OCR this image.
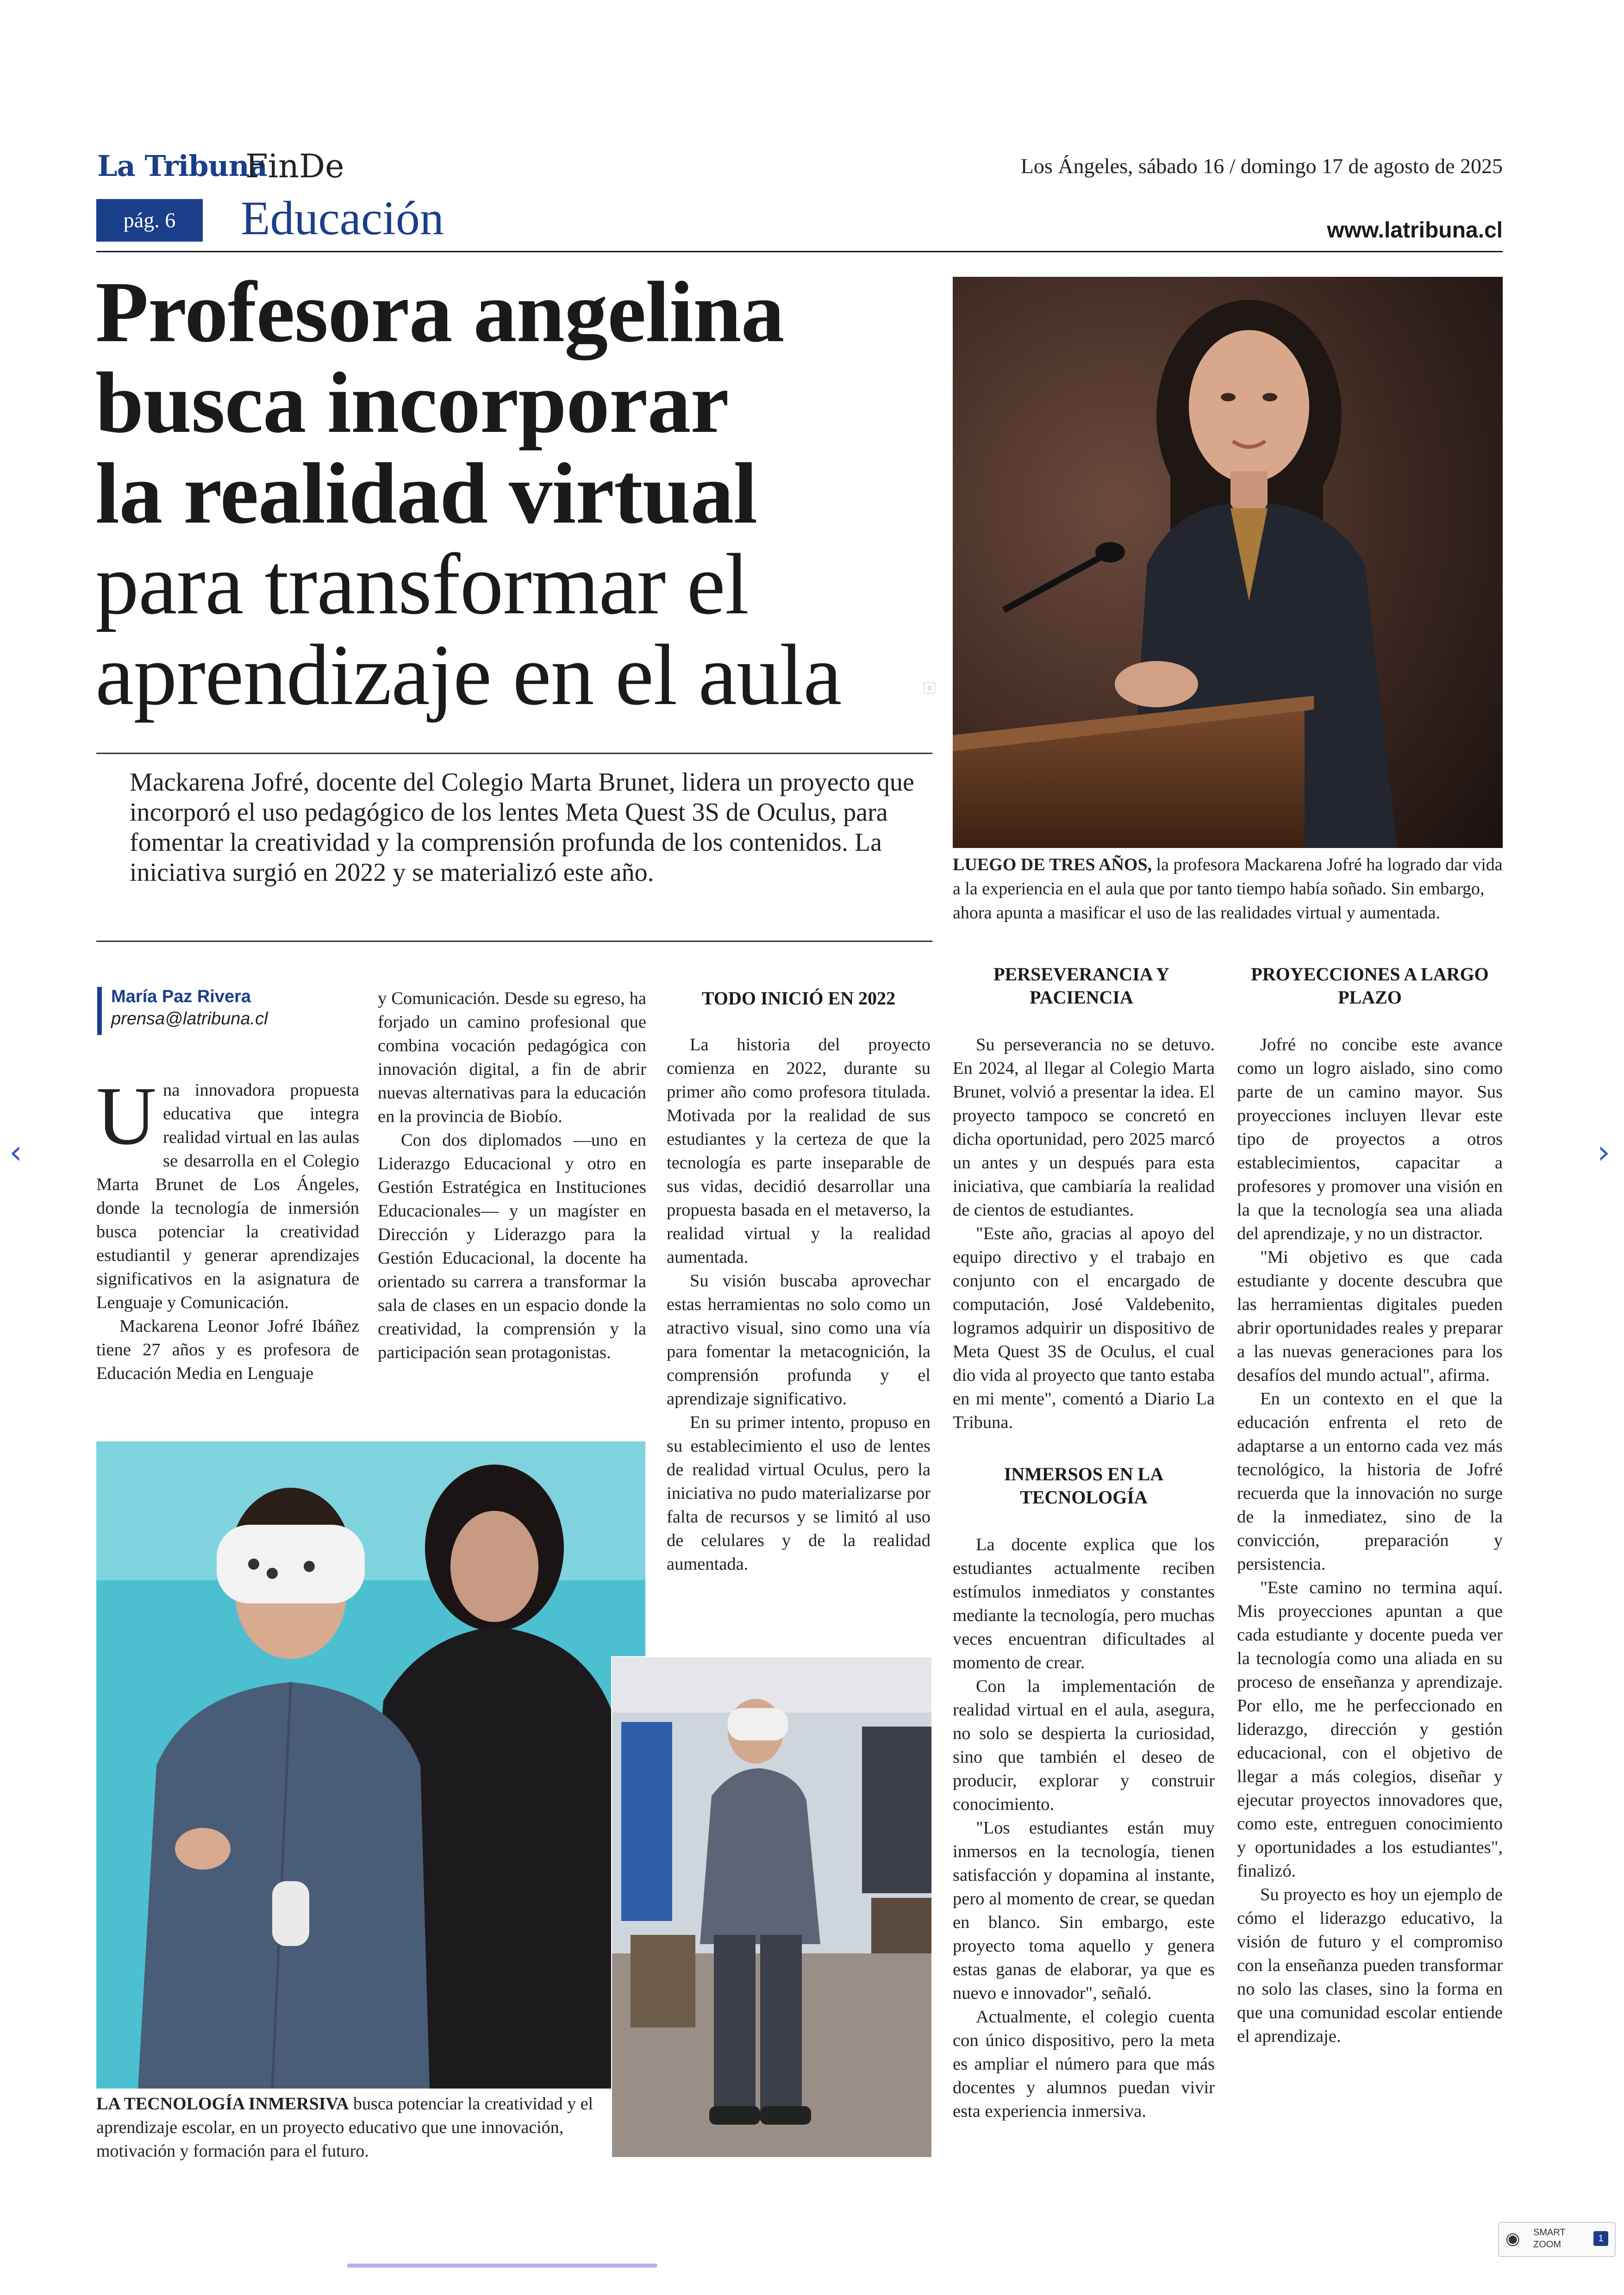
La Tribuna
FinDe	Los Ángeles, sábado 16 / domingo 17 de agosto de 2025
pág. 6	Educación	www.latribuna.cl
Profesora angelina
busca incorporar
la realidad virtual
para transformar el
aprendizaje en el aula	▫
Mackarena Jofré, docente del Colegio Marta Brunet, lidera un proyecto que incorporó el uso pedagógico de los lentes Meta Quest 3S de Oculus, para fomentar la creatividad y la comprensión profunda de los contenidos. La iniciativa surgió en 2022 y se materializó este año.	LUEGO DE TRES AÑOS, la profesora Mackarena Jofré ha logrado dar vida a la experiencia en el aula que por tanto tiempo había soñado. Sin embargo, ahora apunta a masificar el uso de las realidades virtual y aumentada.
María Paz Rivera
prensa@latribuna.cl

Una innovadora propuesta educativa que integra realidad virtual en las aulas se desarrolla en el Colegio Marta Brunet de Los Ángeles, donde la tecnología de inmersión busca potenciar la creatividad estudiantil y generar aprendizajes significativos en la asignatura de Lenguaje y Comunicación.

Mackarena Leonor Jofré Ibáñez tiene 27 años y es profesora de Educación Media en Lenguaje

y Comunicación. Desde su egreso, ha forjado un camino profesional que combina vocación pedagógica con innovación digital, a fin de abrir nuevas alternativas para la educación en la provincia de Biobío.

Con dos diplomados —uno en Liderazgo Educacional y otro en Gestión Estratégica en Instituciones Educacionales— y un magíster en Dirección y Liderazgo para la Gestión Educacional, la docente ha orientado su carrera a transformar la sala de clases en un espacio donde la creatividad, la comprensión y la participación sean protagonistas.

TODO INICIÓ EN 2022

La historia del proyecto comienza en 2022, durante su primer año como profesora titulada. Motivada por la realidad de sus estudiantes y la certeza de que la tecnología es parte inseparable de sus vidas, decidió desarrollar una propuesta basada en el metaverso, la realidad virtual y la realidad aumentada.

Su visión buscaba aprovechar estas herramientas no solo como un atractivo visual, sino como una vía para fomentar la metacognición, la comprensión profunda y el aprendizaje significativo.

En su primer intento, propuso en su establecimiento el uso de lentes de realidad virtual Oculus, pero la iniciativa no pudo materializarse por falta de recursos y se limitó al uso de celulares y de la realidad aumentada.

PERSEVERANCIA Y PACIENCIA

Su perseverancia no se detuvo. En 2024, al llegar al Colegio Marta Brunet, volvió a presentar la idea. El proyecto tampoco se concretó en dicha oportunidad, pero 2025 marcó un antes y un después para esta iniciativa, que cambiaría la realidad de cientos de estudiantes.

"Este año, gracias al apoyo del equipo directivo y el trabajo en conjunto con el encargado de computación, José Valdebenito, logramos adquirir un dispositivo de Meta Quest 3S de Oculus, el cual dio vida al proyecto que tanto estaba en mi mente", comentó a Diario La Tribuna.

INMERSOS EN LA TECNOLOGÍA

La docente explica que los estudiantes actualmente reciben estímulos inmediatos y constantes mediante la tecnología, pero muchas veces encuentran dificultades al momento de crear.

Con la implementación de realidad virtual en el aula, asegura, no solo se despierta la curiosidad, sino que también el deseo de producir, explorar y construir conocimiento.

"Los estudiantes están muy inmersos en la tecnología, tienen satisfacción y dopamina al instante, pero al momento de crear, se quedan en blanco. Sin embargo, este proyecto toma aquello y genera estas ganas de elaborar, ya que es nuevo e innovador", señaló.

Actualmente, el colegio cuenta con único dispositivo, pero la meta es ampliar el número para que más docentes y alumnos puedan vivir esta experiencia inmersiva.

PROYECCIONES A LARGO PLAZO

Jofré no concibe este avance como un logro aislado, sino como parte de un camino mayor. Sus proyecciones incluyen llevar este tipo de proyectos a otros establecimientos, capacitar a profesores y promover una visión en la que la tecnología sea una aliada del aprendizaje, y no un distractor.

"Mi objetivo es que cada estudiante y docente descubra que las herramientas digitales pueden abrir oportunidades reales y preparar a las nuevas generaciones para los desafíos del mundo actual", afirma.

En un contexto en el que la educación enfrenta el reto de adaptarse a un entorno cada vez más tecnológico, la historia de Jofré recuerda que la innovación no surge de la inmediatez, sino de la convicción, preparación y persistencia.

"Este camino no termina aquí. Mis proyecciones apuntan a que cada estudiante y docente pueda ver la tecnología como una aliada en su proceso de enseñanza y aprendizaje. Por ello, me he perfeccionado en liderazgo, dirección y gestión educacional, con el objetivo de llegar a más colegios, diseñar y ejecutar proyectos innovadores que, como este, entreguen conocimiento y oportunidades a los estudiantes", finalizó.

Su proyecto es hoy un ejemplo de cómo el liderazgo educativo, la visión de futuro y el compromiso con la enseñanza pueden transformar no solo las clases, sino la forma en que una comunidad escolar entiende el aprendizaje.

LA TECNOLOGÍA INMERSIVA busca potenciar la creatividad y el aprendizaje escolar, en un proyecto educativo que une innovación, motivación y formación para el futuro.
‹	›
◉ SMART
ZOOM
1
